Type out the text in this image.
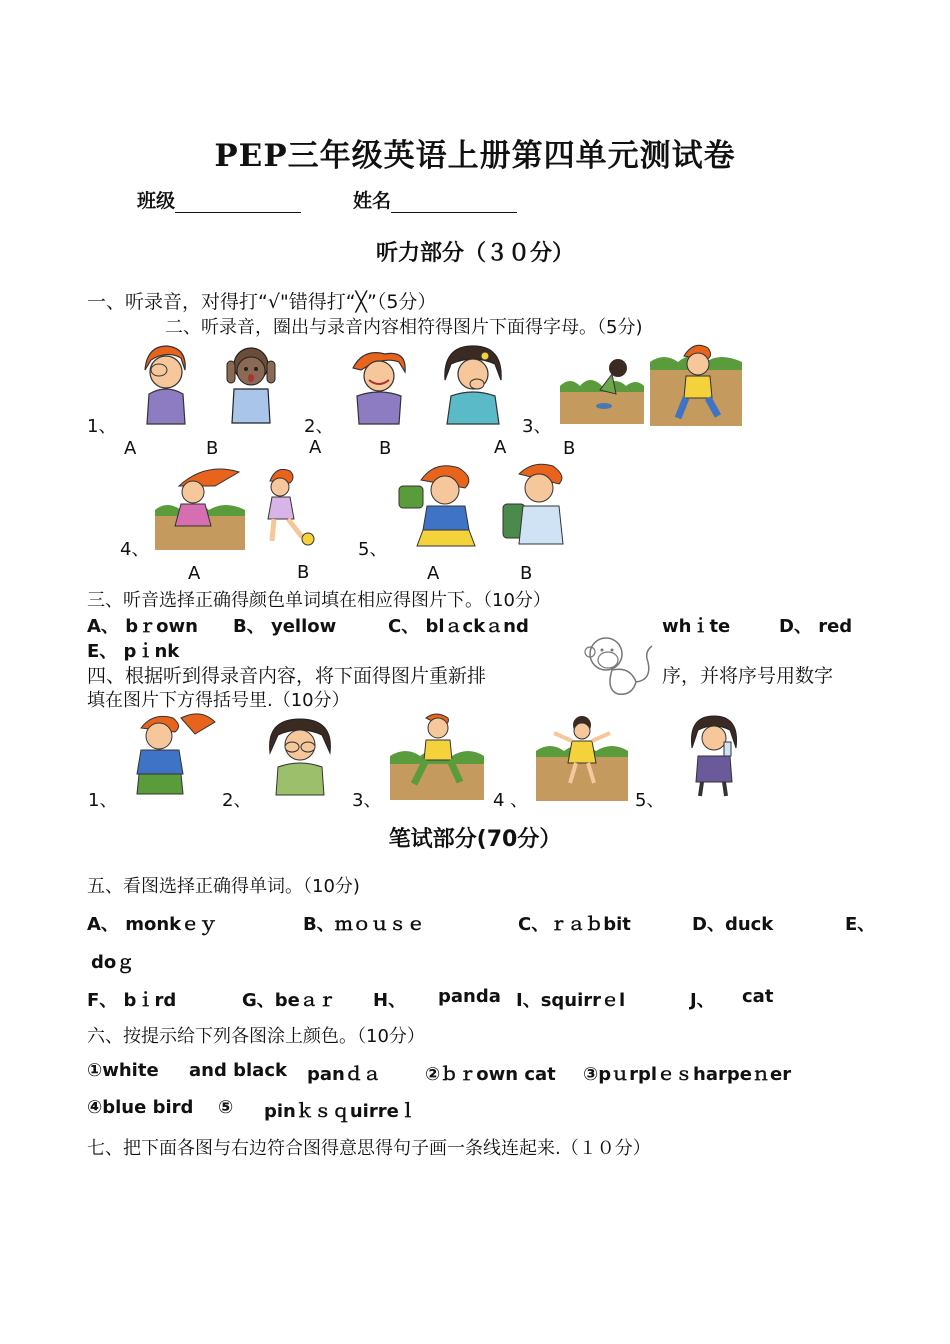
PEP三年级英语上册第四单元测试卷
班级	姓名
听力部分（３０分）
一、听录音，对得打“√"错得打“╳”（5分）
二、听录音，圈出与录音内容相符得图片下面得字母。（5分)
1、	2、	3、
A	B	A	B	A	B
4、	5、
A	B	A	B
三、听音选择正确得颜色单词填在相应得图片下。（10分）
A、 bｒown B、 yellow	C、 blａckａnd	whｉte	D、 red
E、 pｉnk
四、根据听到得录音内容，将下面得图片重新排	序，并将序号用数字
填在图片下方得括号里.（10分）
1、	2、	3、	4 、	5、
笔试部分(70分）
五、看图选择正确得单词。（10分)
A、 monkｅｙ	B、ｍｏｕｓｅ	C、ｒａｂbit	D、duck	E、
doｇ
F、 bｉrd	G、beａｒ H、 panda I、squirrｅl	J、 cat
六、按提示给下列各图涂上颜色。（10分）
①white and black panｄａ ②ｂｒown cat ③pｕrplｅｓharpeｎer
④blue bird ⑤ pinｋｓｑuirreｌ
七、把下面各图与右边符合图得意思得句子画一条线连起来.（１０分）
